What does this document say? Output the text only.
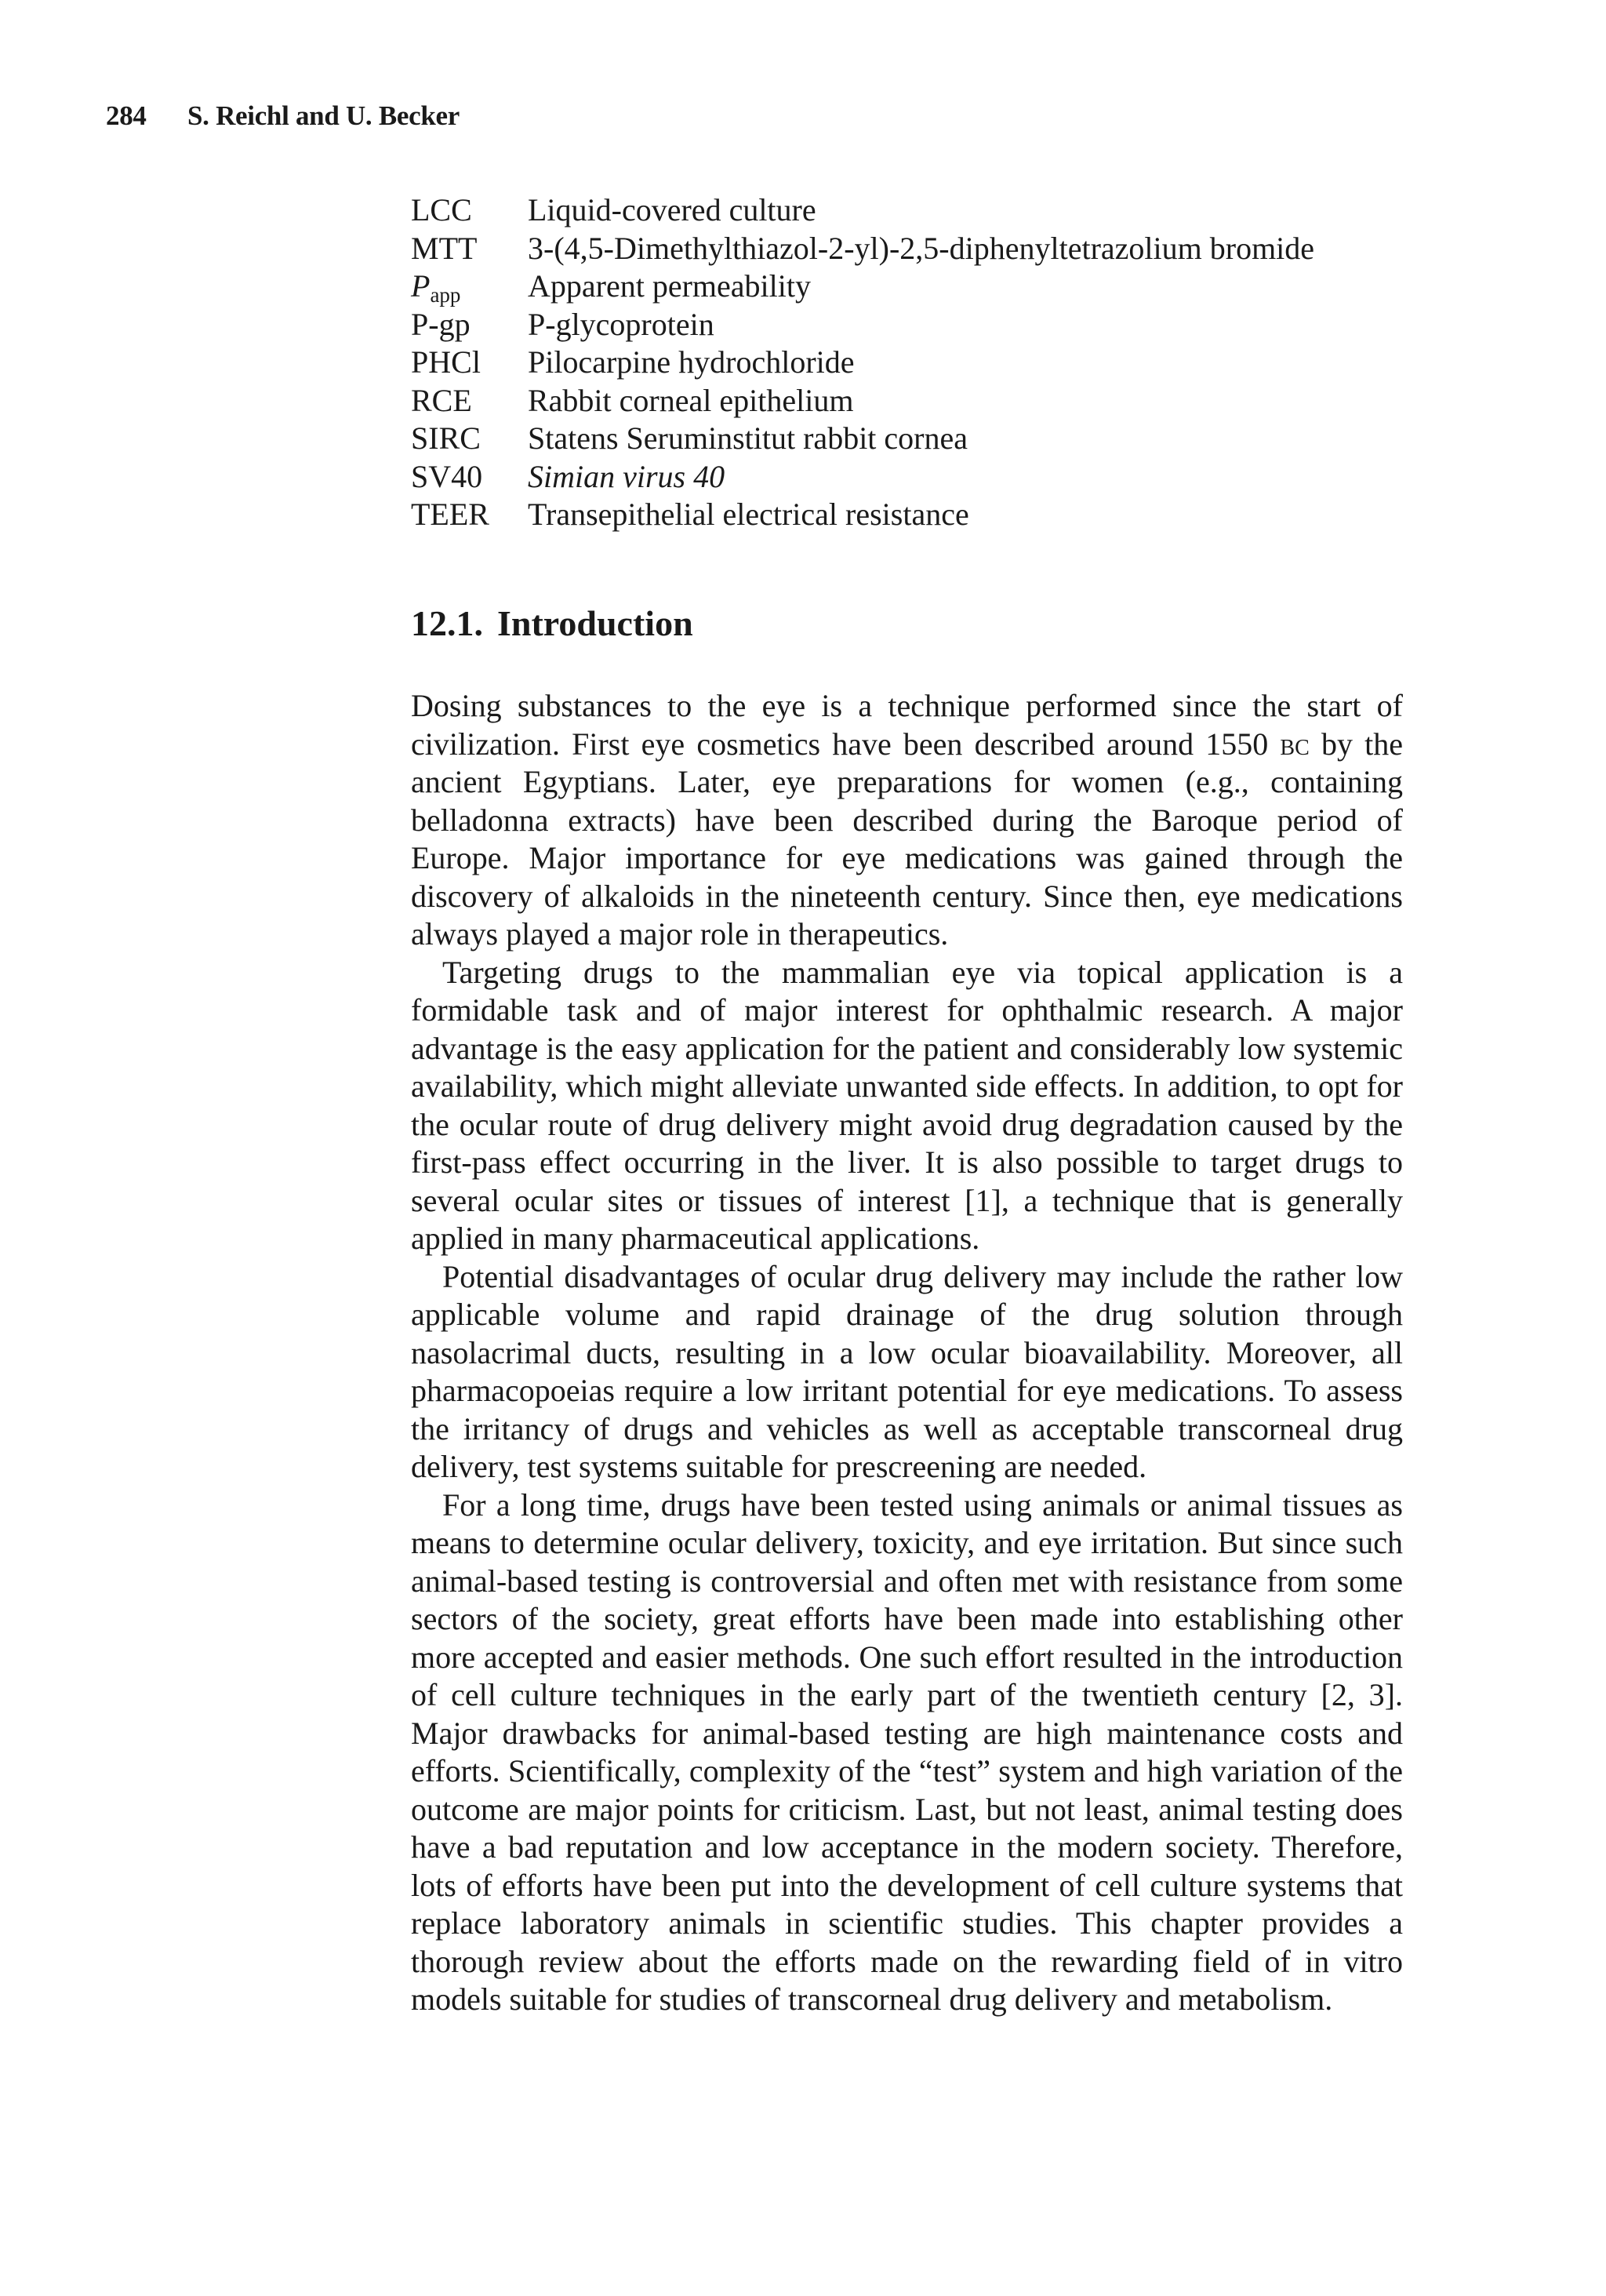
284 S. Reichl and U. Becker
LCC	Liquid-covered culture
MTT	3-(4,5-Dimethylthiazol-2-yl)-2,5-diphenyltetrazolium bromide
$P_{app}$	Apparent permeability
P-gp	P-glycoprotein
PHCl	Pilocarpine hydrochloride
RCE	Rabbit corneal epithelium
SIRC	Statens Seruminstitut rabbit cornea
SV40	Simian virus 40
TEER	Transepithelial electrical resistance
12.1. Introduction

Dosing substances to the eye is a technique performed since the start of civilization. First eye cosmetics have been described around 1550 bc by the ancient Egyptians. Later, eye preparations for women (e.g., containing belladonna extracts) have been described during the Baroque period of Europe. Major importance for eye medications was gained through the discovery of alkaloids in the nineteenth century. Since then, eye medications always played a major role in therapeutics.

Targeting drugs to the mammalian eye via topical application is a formidable task and of major interest for ophthalmic research. A major advantage is the easy application for the patient and considerably low systemic availability, which might alleviate unwanted side effects. In addition, to opt for the ocular route of drug delivery might avoid drug degradation caused by the first-pass effect occurring in the liver. It is also possible to target drugs to several ocular sites or tissues of interest [1], a technique that is generally applied in many pharmaceutical applications.

Potential disadvantages of ocular drug delivery may include the rather low applicable volume and rapid drainage of the drug solution through nasolacrimal ducts, resulting in a low ocular bioavailability. Moreover, all pharmacopoeias require a low irritant potential for eye medications. To assess the irritancy of drugs and vehicles as well as acceptable transcorneal drug delivery, test systems suitable for prescreening are needed.

For a long time, drugs have been tested using animals or animal tissues as means to determine ocular delivery, toxicity, and eye irritation. But since such animal-based testing is controversial and often met with resistance from some sectors of the society, great efforts have been made into establishing other more accepted and easier methods. One such effort resulted in the introduction of cell culture techniques in the early part of the twentieth century [2, 3]. Major drawbacks for animal-based testing are high maintenance costs and efforts. Scientifically, complexity of the “test” system and high variation of the outcome are major points for criticism. Last, but not least, animal testing does have a bad reputation and low acceptance in the modern society. Therefore, lots of efforts have been put into the development of cell culture systems that replace laboratory animals in scientific studies. This chapter provides a thorough review about the efforts made on the rewarding field of in vitro models suitable for studies of transcorneal drug delivery and metabolism.
